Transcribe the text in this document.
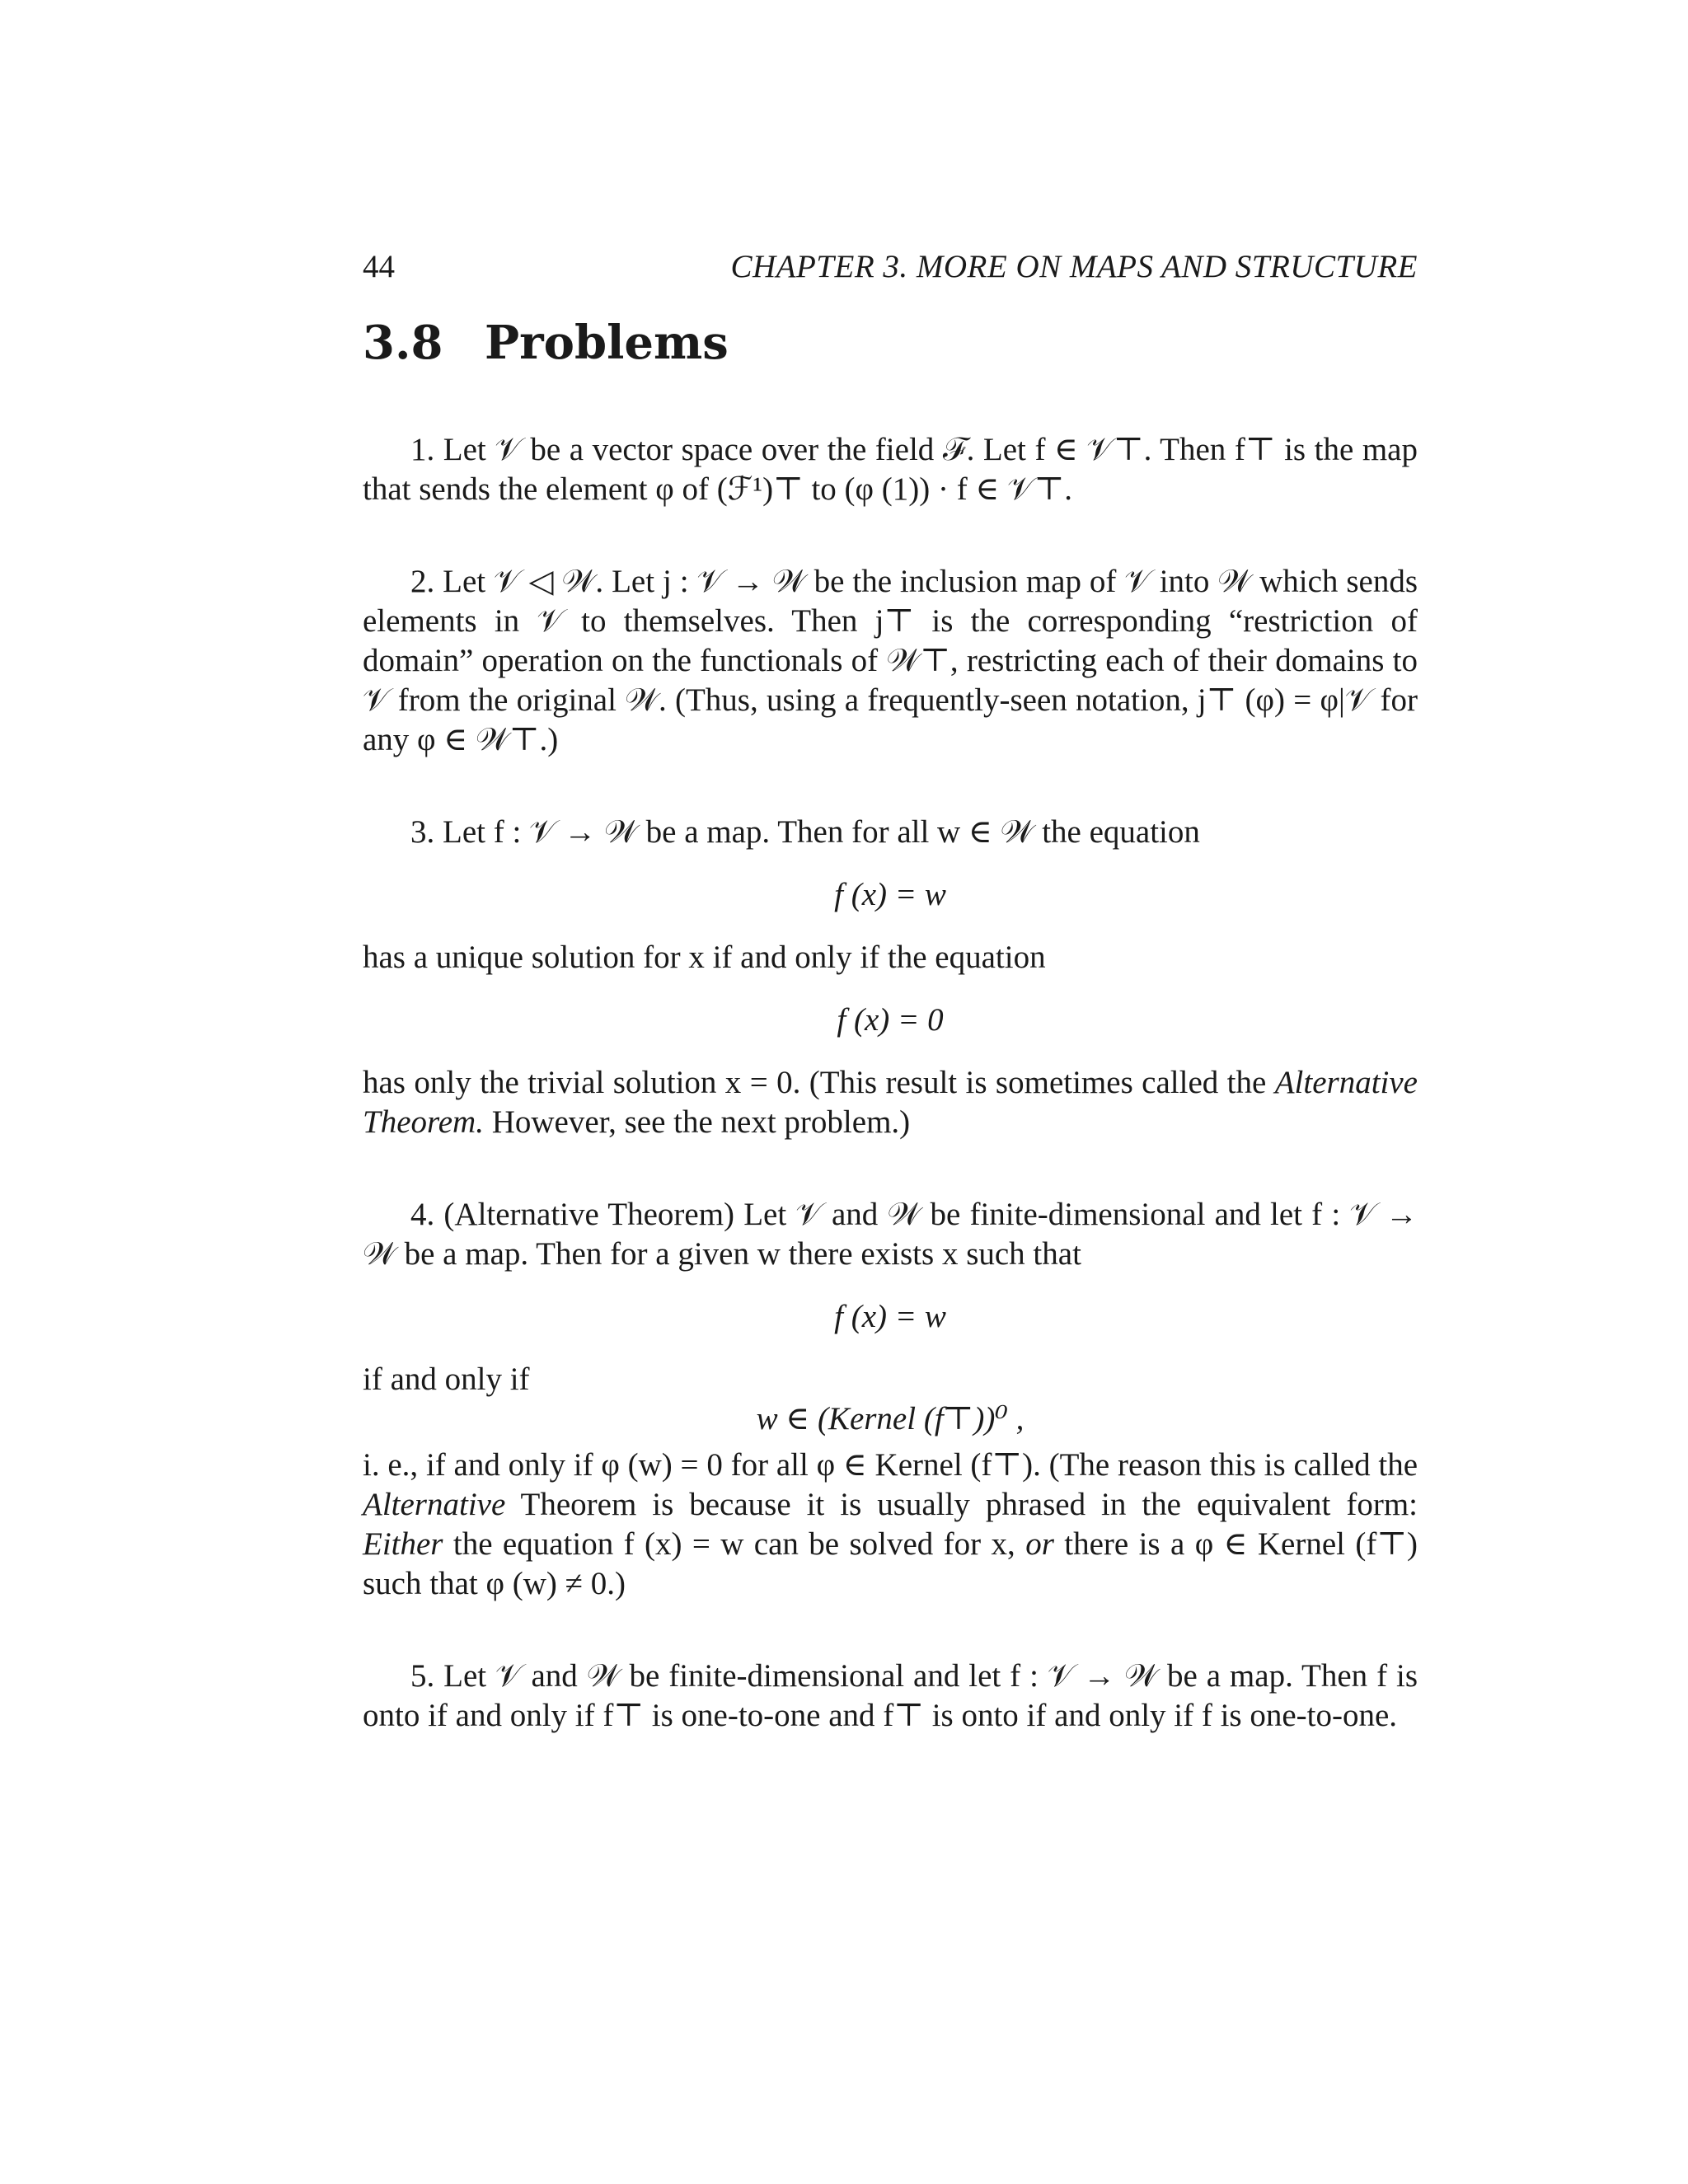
44	CHAPTER 3. MORE ON MAPS AND STRUCTURE
3.8 Problems

1. Let 𝒱 be a vector space over the field ℱ. Let f ∈ 𝒱⊤. Then f⊤ is the map that sends the element φ of (ℱ¹)⊤ to (φ (1)) · f ∈ 𝒱⊤.

2. Let 𝒱 ◁ 𝒲. Let j : 𝒱 → 𝒲 be the inclusion map of 𝒱 into 𝒲 which sends elements in 𝒱 to themselves. Then j⊤ is the corresponding “restriction of domain” operation on the functionals of 𝒲⊤, restricting each of their domains to 𝒱 from the original 𝒲. (Thus, using a frequently-seen notation, j⊤ (φ) = φ|𝒱 for any φ ∈ 𝒲⊤.)

3. Let f : 𝒱 → 𝒲 be a map. Then for all w ∈ 𝒲 the equation

f (x) = w

has a unique solution for x if and only if the equation

f (x) = 0

has only the trivial solution x = 0. (This result is sometimes called the Alternative Theorem. However, see the next problem.)

4. (Alternative Theorem) Let 𝒱 and 𝒲 be finite-dimensional and let f : 𝒱 → 𝒲 be a map. Then for a given w there exists x such that

f (x) = w

if and only if

w ∈ (Kernel (f⊤))⁰ ,

i. e., if and only if φ (w) = 0 for all φ ∈ Kernel (f⊤). (The reason this is called the Alternative Theorem is because it is usually phrased in the equivalent form: Either the equation f (x) = w can be solved for x, or there is a φ ∈ Kernel (f⊤) such that φ (w) ≠ 0.)

5. Let 𝒱 and 𝒲 be finite-dimensional and let f : 𝒱 → 𝒲 be a map. Then f is onto if and only if f⊤ is one-to-one and f⊤ is onto if and only if f is one-to-one.
